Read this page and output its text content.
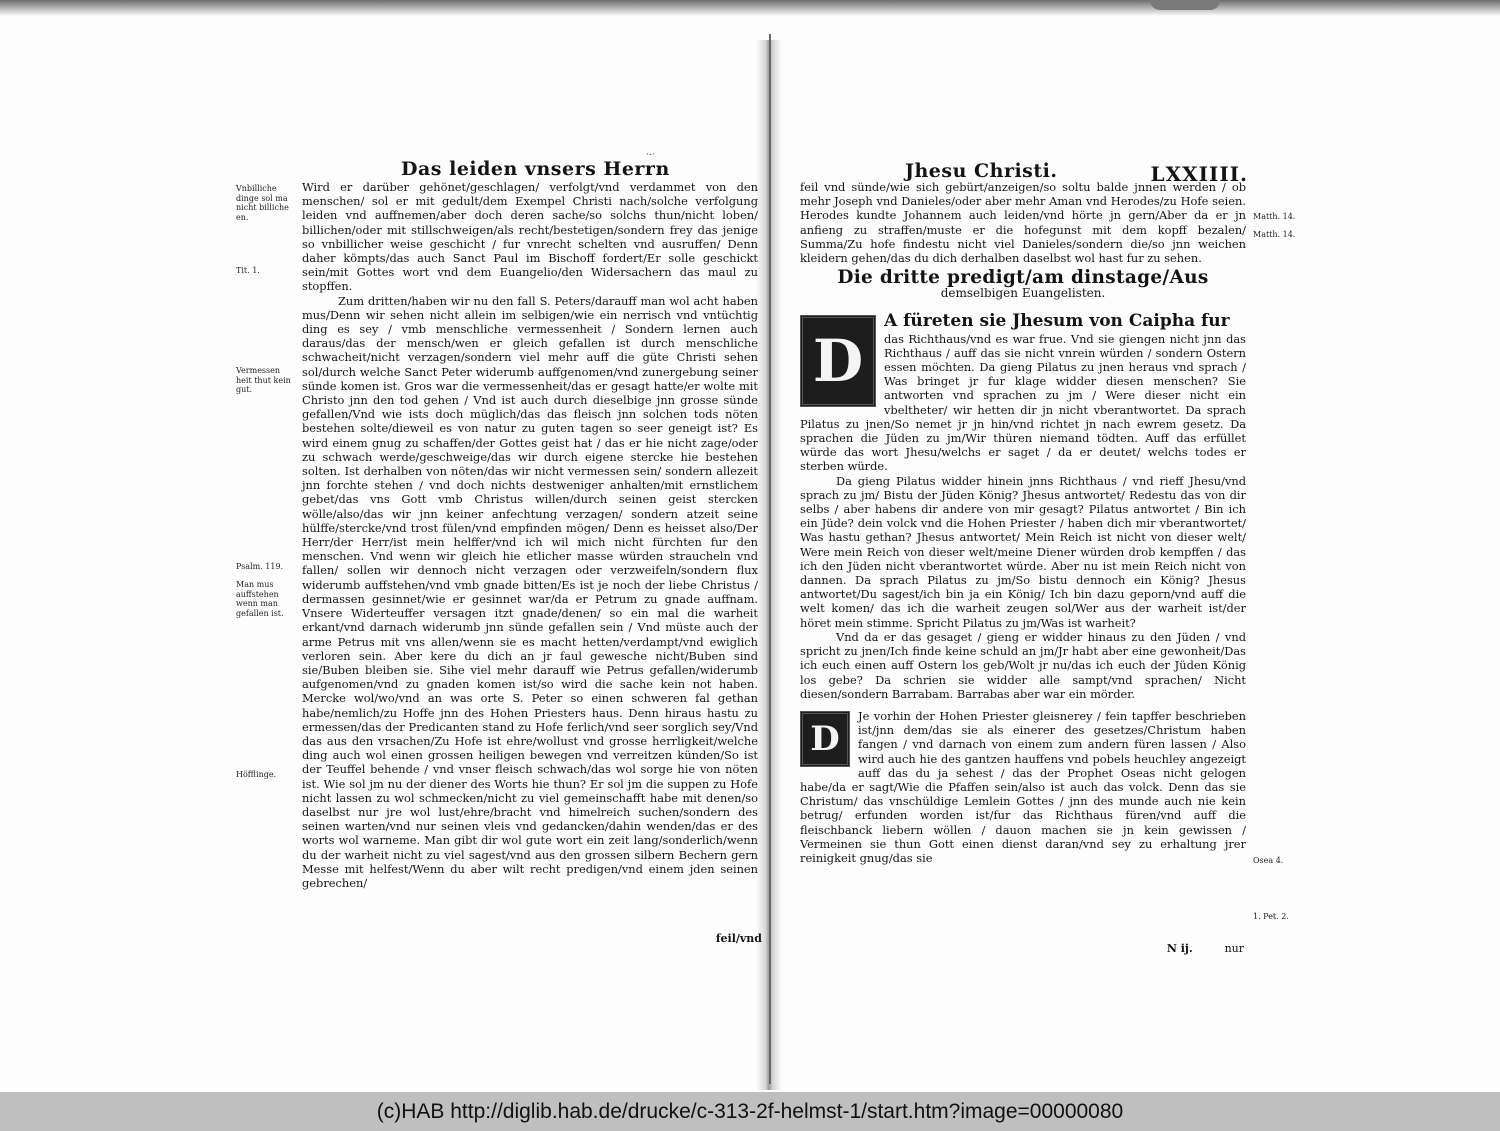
Das leiden vnsers Herrn
·‐·
Vnbilliche dinge sol ma nicht billiche en.
Tit. 1.
Vermessen heit thut kein gut.
Psalm. 119.
Man mus auffstehen wenn man gefallen ist.
Höfflinge.

Wird er darüber gehönet/geschlagen/ verfolgt/vnd verdammet von den menschen/ sol er mit gedult/dem Exempel Christi nach/solche verfolgung leiden vnd auffnemen/aber doch deren sache/so solchs thun/nicht loben/ billichen/oder mit stillschweigen/als recht/bestetigen/sondern frey das jenige so vnbillicher weise geschicht / fur vnrecht schelten vnd ausruffen/ Denn daher kömpts/das auch Sanct Paul im Bischoff fordert/Er solle geschickt sein/mit Gottes wort vnd dem Euangelio/den Widersachern das maul zu stopffen.

Zum dritten/haben wir nu den fall S. Peters/darauff man wol acht haben mus/Denn wir sehen nicht allein im selbigen/wie ein nerrisch vnd vntüchtig ding es sey / vmb menschliche vermessenheit / Sondern lernen auch daraus/das der mensch/wen er gleich gefallen ist durch menschliche schwacheit/nicht verzagen/sondern viel mehr auff die güte Christi sehen sol/durch welche Sanct Peter widerumb auffgenomen/vnd zunergebung seiner sünde komen ist. Gros war die vermessenheit/das er gesagt hatte/er wolte mit Christo jnn den tod gehen / Vnd ist auch durch dieselbige jnn grosse sünde gefallen/Vnd wie ists doch müglich/das das fleisch jnn solchen tods nöten bestehen solte/dieweil es von natur zu guten tagen so seer geneigt ist? Es wird einem gnug zu schaffen/der Gottes geist hat / das er hie nicht zage/oder zu schwach werde/geschweige/das wir durch eigene stercke hie bestehen solten. Ist derhalben von nöten/das wir nicht vermessen sein/ sondern allezeit jnn forchte stehen / vnd doch nichts destweniger anhalten/mit ernstlichem gebet/das vns Gott vmb Christus willen/durch seinen geist stercken wölle/also/das wir jnn keiner anfechtung verzagen/ sondern atzeit seine hülffe/stercke/vnd trost fülen/vnd empfinden mögen/ Denn es heisset also/Der Herr/der Herr/ist mein helffer/vnd ich wil mich nicht fürchten fur den menschen. Vnd wenn wir gleich hie etlicher masse würden straucheln vnd fallen/ sollen wir dennoch nicht verzagen oder verzweifeln/sondern flux widerumb auffstehen/vnd vmb gnade bitten/Es ist je noch der liebe Christus / dermassen gesinnet/wie er gesinnet war/da er Petrum zu gnade auffnam. Vnsere Widerteuffer versagen itzt gnade/denen/ so ein mal die warheit erkant/vnd darnach widerumb jnn sünde gefallen sein / Vnd müste auch der arme Petrus mit vns allen/wenn sie es macht hetten/verdampt/vnd ewiglich verloren sein. Aber kere du dich an jr faul gewesche nicht/Buben sind sie/Buben bleiben sie. Sihe viel mehr darauff wie Petrus gefallen/widerumb aufgenomen/vnd zu gnaden komen ist/so wird die sache kein not haben. Mercke wol/wo/vnd an was orte S. Peter so einen schweren fal gethan habe/nemlich/zu Hoffe jnn des Hohen Priesters haus. Denn hiraus hastu zu ermessen/das der Predicanten stand zu Hofe ferlich/vnd seer sorglich sey/Vnd das aus den vrsachen/Zu Hofe ist ehre/wollust vnd grosse herrligkeit/welche ding auch wol einen grossen heiligen bewegen vnd verreitzen künden/So ist der Teuffel behende / vnd vnser fleisch schwach/das wol sorge hie von nöten ist. Wie sol jm nu der diener des Worts hie thun? Er sol jm die suppen zu Hofe nicht lassen zu wol schmecken/nicht zu viel gemeinschafft habe mit denen/so daselbst nur jre wol lust/ehre/bracht vnd himelreich suchen/sondern des seinen warten/vnd nur seinen vleis vnd gedancken/dahin wenden/das er des worts wol warneme. Man gibt dir wol gute wort ein zeit lang/sonderlich/wenn du der warheit nicht zu viel sagest/vnd aus den grossen silbern Bechern gern Messe mit helfest/Wenn du aber wilt recht predigen/vnd einem jden seinen gebrechen/

feil/vnd
Jhesu Christi.	LXXIIII.
Matth. 14.
Matth. 14.
Osea 4.
1. Pet. 2.

feil vnd sünde/wie sich gebürt/anzeigen/so soltu balde jnnen werden / ob mehr Joseph vnd Danieles/oder aber mehr Aman vnd Herodes/zu Hofe seien. Herodes kundte Johannem auch leiden/vnd hörte jn gern/Aber da er jn anfieng zu straffen/muste er die hofegunst mit dem kopff bezalen/ Summa/Zu hofe findestu nicht viel Danieles/sondern die/so jnn weichen kleidern gehen/das du dich derhalben daselbst wol hast fur zu sehen.

Die dritte predigt/am dinstage/Aus
demselbigen Euangelisten.
D
A füreten sie Jhesum von Caipha fur

das Richthaus/vnd es war frue. Vnd sie giengen nicht jnn das Richthaus / auff das sie nicht vnrein würden / sondern Ostern essen möchten. Da gieng Pilatus zu jnen heraus vnd sprach / Was bringet jr fur klage widder diesen menschen? Sie antworten vnd sprachen zu jm / Were dieser nicht ein vbeltheter/ wir hetten dir jn nicht vberantwortet. Da sprach Pilatus zu jnen/So nemet jr jn hin/vnd richtet jn nach ewrem gesetz. Da sprachen die Jüden zu jm/Wir thüren niemand tödten. Auff das erfüllet würde das wort Jhesu/welchs er saget / da er deutet/ welchs todes er sterben würde.

Da gieng Pilatus widder hinein jnns Richthaus / vnd rieff Jhesu/vnd sprach zu jm/ Bistu der Jüden König? Jhesus antwortet/ Redestu das von dir selbs / aber habens dir andere von mir gesagt? Pilatus antwortet / Bin ich ein Jüde? dein volck vnd die Hohen Priester / haben dich mir vberantwortet/ Was hastu gethan? Jhesus antwortet/ Mein Reich ist nicht von dieser welt/ Were mein Reich von dieser welt/meine Diener würden drob kempffen / das ich den Jüden nicht vberantwortet würde. Aber nu ist mein Reich nicht von dannen. Da sprach Pilatus zu jm/So bistu dennoch ein König? Jhesus antwortet/Du sagest/ich bin ja ein König/ Ich bin dazu geporn/vnd auff die welt komen/ das ich die warheit zeugen sol/Wer aus der warheit ist/der höret mein stimme. Spricht Pilatus zu jm/Was ist warheit?

Vnd da er das gesaget / gieng er widder hinaus zu den Jüden / vnd spricht zu jnen/Ich finde keine schuld an jm/Jr habt aber eine gewonheit/Das ich euch einen auff Ostern los geb/Wolt jr nu/das ich euch der Jüden König los gebe? Da schrien sie widder alle sampt/vnd sprachen/ Nicht diesen/sondern Barrabam. Barrabas aber war ein mörder.

D

Je vorhin der Hohen Priester gleisnerey / fein tapffer beschrieben ist/jnn dem/das sie als einerer des gesetzes/Christum haben fangen / vnd darnach von einem zum andern füren lassen / Also wird auch hie des gantzen hauffens vnd pobels heuchley angezeigt auff das du ja sehest / das der Prophet Oseas nicht gelogen habe/da er sagt/Wie die Pfaffen sein/also ist auch das volck. Denn das sie Christum/ das vnschüldige Lemlein Gottes / jnn des munde auch nie kein betrug/ erfunden worden ist/fur das Richthaus füren/vnd auff die fleischbanck liebern wöllen / dauon machen sie jn kein gewissen / Vermeinen sie thun Gott einen dienst daran/vnd sey zu erhaltung jrer reinigkeit gnug/das sie

N ij.	nur
(c)HAB http://diglib.hab.de/drucke/c-313-2f-helmst-1/start.htm?image=00000080
